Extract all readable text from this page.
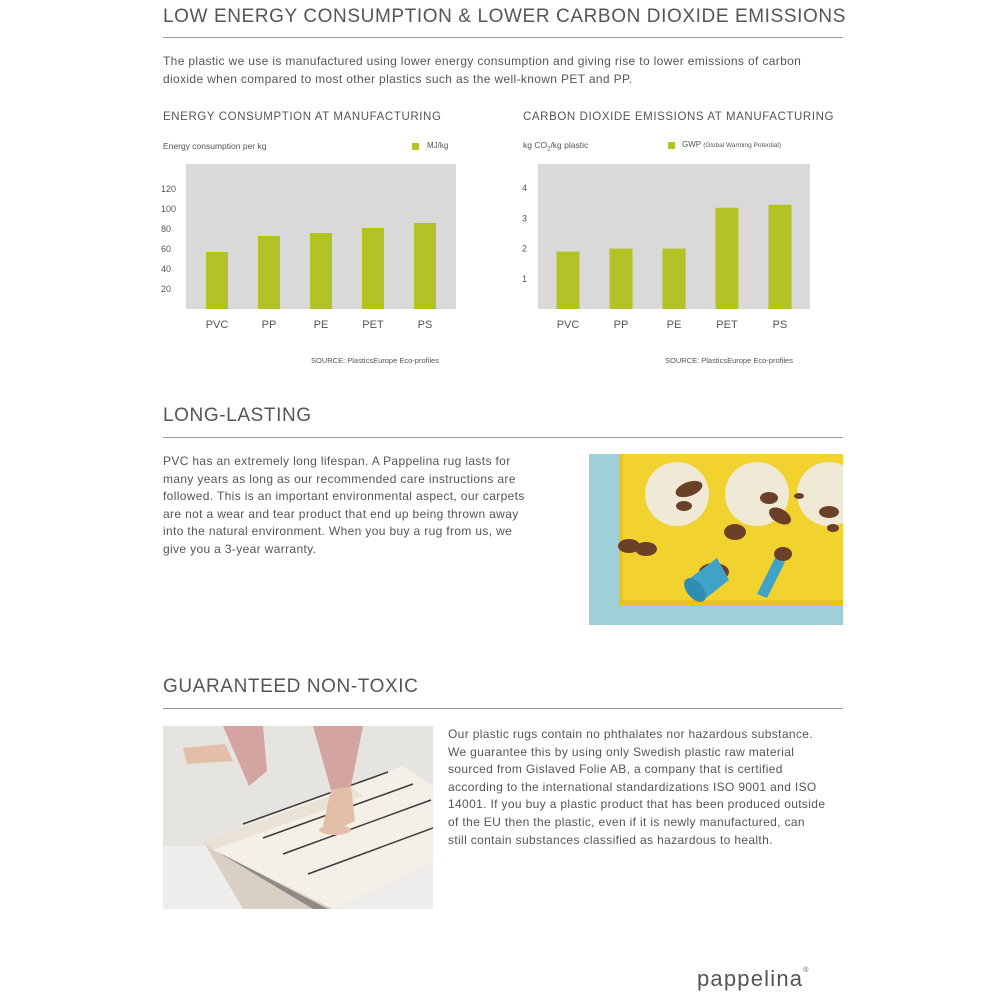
LOW ENERGY CONSUMPTION & LOWER CARBON DIOXIDE EMISSIONS

The plastic we use is manufactured using lower energy consumption and giving rise to lower emissions of carbon
dioxide when compared to most other plastics such as the well-known PET and PP.

ENERGY CONSUMPTION AT MANUFACTURING
Energy consumption per kg	MJ/kg
20
40
60
80
100
120
PVC	PP	PE	PET	PS
SOURCE: PlasticsEurope Eco-profiles
CARBON DIOXIDE EMISSIONS AT MANUFACTURING
kg $CO_2/kg$ plastic	GWP (Global Warming Potential)
1
2
3
4
PVC	PP	PE	PET	PS
SOURCE: PlasticsEurope Eco-profiles
LONG-LASTING

PVC has an extremely long lifespan. A Pappelina rug lasts for
many years as long as our recommended care instructions are
followed. This is an important environmental aspect, our carpets
are not a wear and tear product that end up being thrown away
into the natural environment. When you buy a rug from us, we
give you a 3-year warranty.

GUARANTEED NON-TOXIC

Our plastic rugs contain no phthalates nor hazardous substance.
We guarantee this by using only Swedish plastic raw material
sourced from Gislaved Folie AB, a company that is certified
according to the international standardizations ISO 9001 and ISO
14001. If you buy a plastic product that has been produced outside
of the EU then the plastic, even if it is newly manufactured, can
still contain substances classified as hazardous to health.

pappelina®
